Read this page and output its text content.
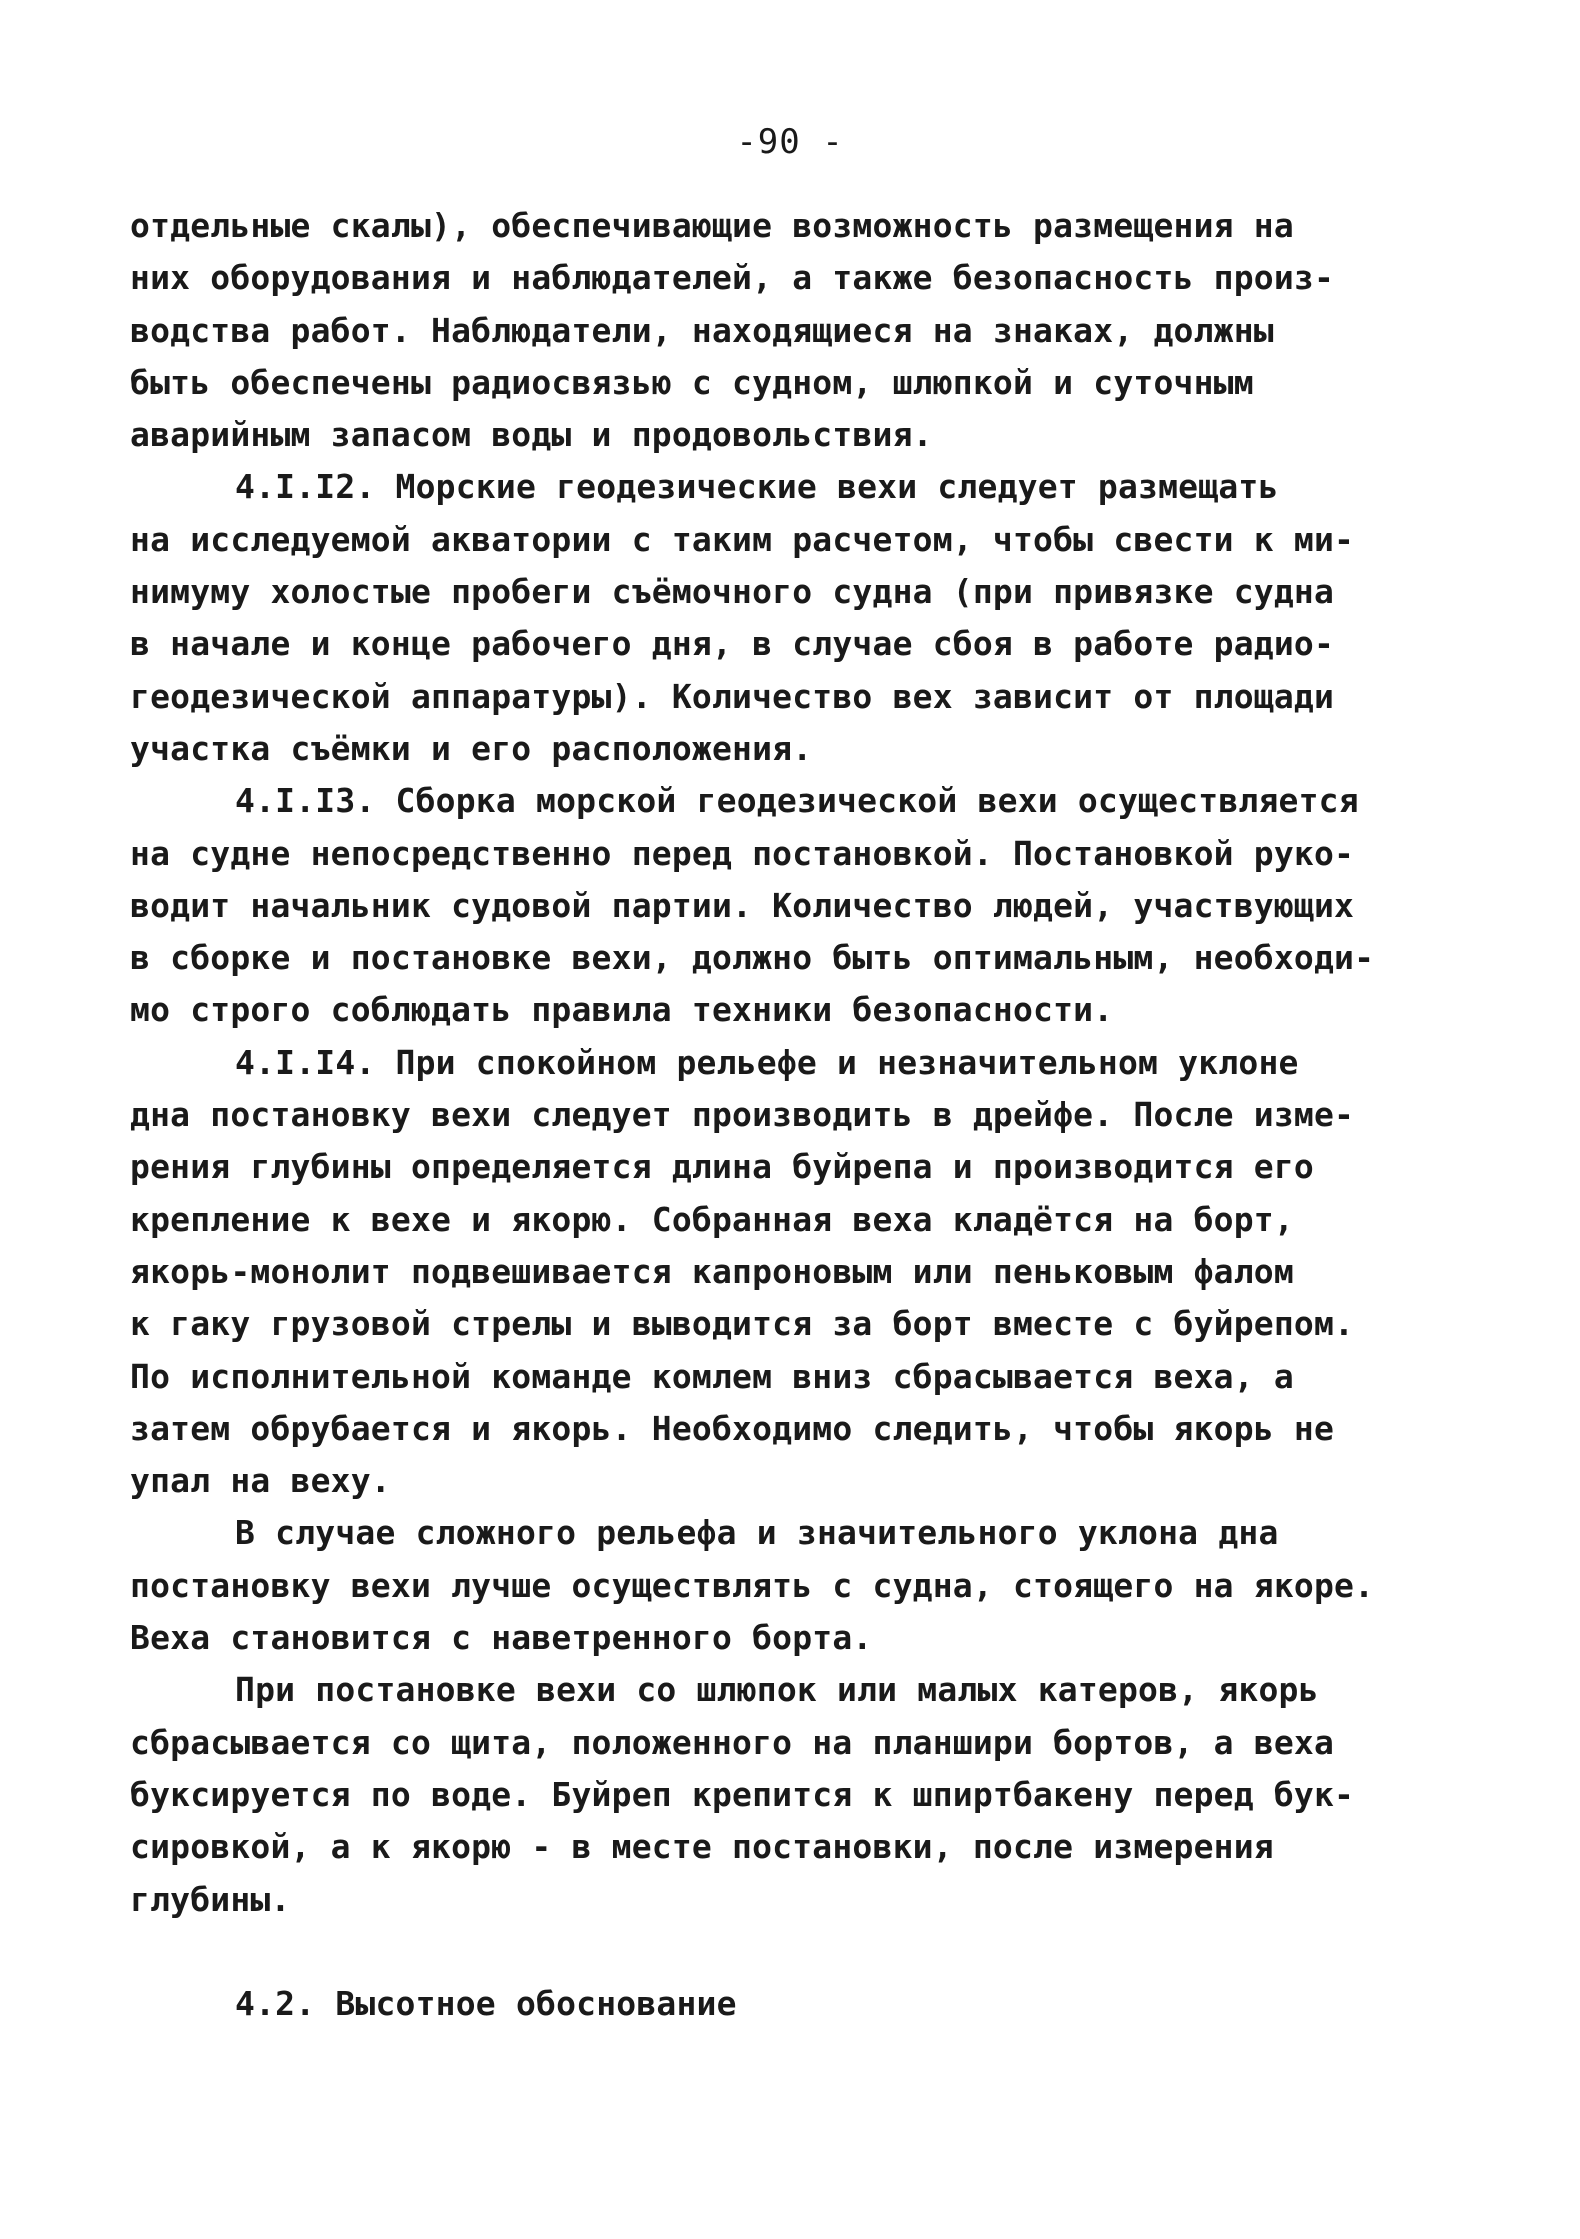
-90 -
отдельные скалы), обеспечивающие возможность размещения на
них оборудования и наблюдателей, а также безопасность произ-
водства работ. Наблюдатели, находящиеся на знаках, должны
быть обеспечены радиосвязью с судном, шлюпкой и суточным
аварийным запасом воды и продовольствия.
4.I.I2. Морские геодезические вехи следует размещать
на исследуемой акватории с таким расчетом, чтобы свести к ми-
нимуму холостые пробеги съёмочного судна (при привязке судна
в начале и конце рабочего дня, в случае сбоя в работе радио-
геодезической аппаратуры). Количество вех зависит от площади
участка съёмки и его расположения.
4.I.I3. Сборка морской геодезической вехи осуществляется
на судне непосредственно перед постановкой. Постановкой руко-
водит начальник судовой партии. Количество людей, участвующих
в сборке и постановке вехи, должно быть оптимальным, необходи-
мо строго соблюдать правила техники безопасности.
4.I.I4. При спокойном рельефе и незначительном уклоне
дна постановку вехи следует производить в дрейфе. После изме-
рения глубины определяется длина буйрепа и производится его
крепление к вехе и якорю. Собранная веха кладётся на борт,
якорь-монолит подвешивается капроновым или пеньковым фалом
к гаку грузовой стрелы и выводится за борт вместе с буйрепом.
По исполнительной команде комлем вниз сбрасывается веха, а
затем обрубается и якорь. Необходимо следить, чтобы якорь не
упал на веху.
В случае сложного рельефа и значительного уклона дна
постановку вехи лучше осуществлять с судна, стоящего на якоре.
Веха становится с наветренного борта.
При постановке вехи со шлюпок или малых катеров, якорь
сбрасывается со щита, положенного на планшири бортов, а веха
буксируется по воде. Буйреп крепится к шпиртбакену перед бук-
сировкой, а к якорю - в месте постановки, после измерения
глубины.
4.2. Высотное обоснование
